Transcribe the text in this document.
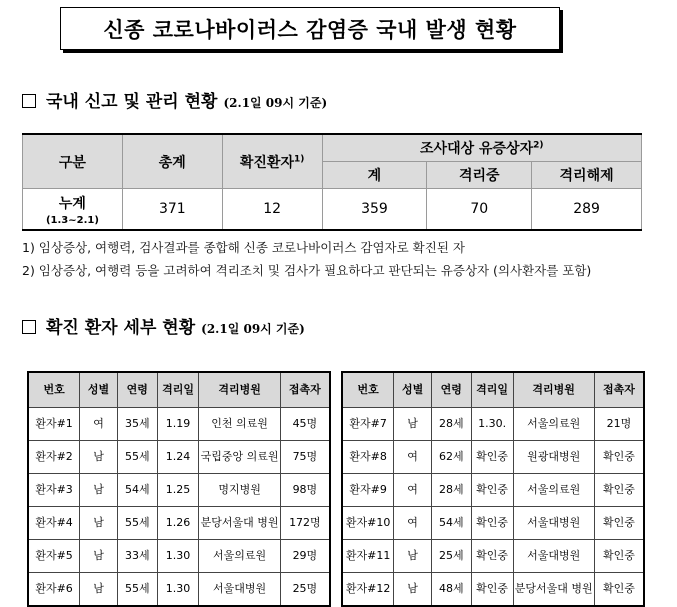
신종 코로나바이러스 감염증 국내 발생 현황
국내 신고 및 관리 현황 (2.1일 09시 기준)
구분	총계	확진환자$^{1)}$	조사대상 유증상자$^{2)}$
			계	격리중	격리해제
누계
(1.3~2.1)	371	12	359	70	289
1) 임상증상, 여행력, 검사결과를 종합해 신종 코로나바이러스 감염자로 확진된 자
2) 임상증상, 여행력 등을 고려하여 격리조치 및 검사가 필요하다고 판단되는 유증상자 (의사환자를 포함)
확진 환자 세부 현황 (2.1일 09시 기준)
번호	성별	연령	격리일	격리병원	접촉자
환자#1	여	35세	1.19	인천 의료원	45명
환자#2	남	55세	1.24	국립중앙 의료원	75명
환자#3	남	54세	1.25	명지병원	98명
환자#4	남	55세	1.26	분당서울대 병원	172명
환자#5	남	33세	1.30	서울의료원	29명
환자#6	남	55세	1.30	서울대병원	25명
번호	성별	연령	격리일	격리병원	접촉자
환자#7	남	28세	1.30.	서울의료원	21명
환자#8	여	62세	확인중	원광대병원	확인중
환자#9	여	28세	확인중	서울의료원	확인중
환자#10	여	54세	확인중	서울대병원	확인중
환자#11	남	25세	확인중	서울대병원	확인중
환자#12	남	48세	확인중	분당서울대 병원	확인중
